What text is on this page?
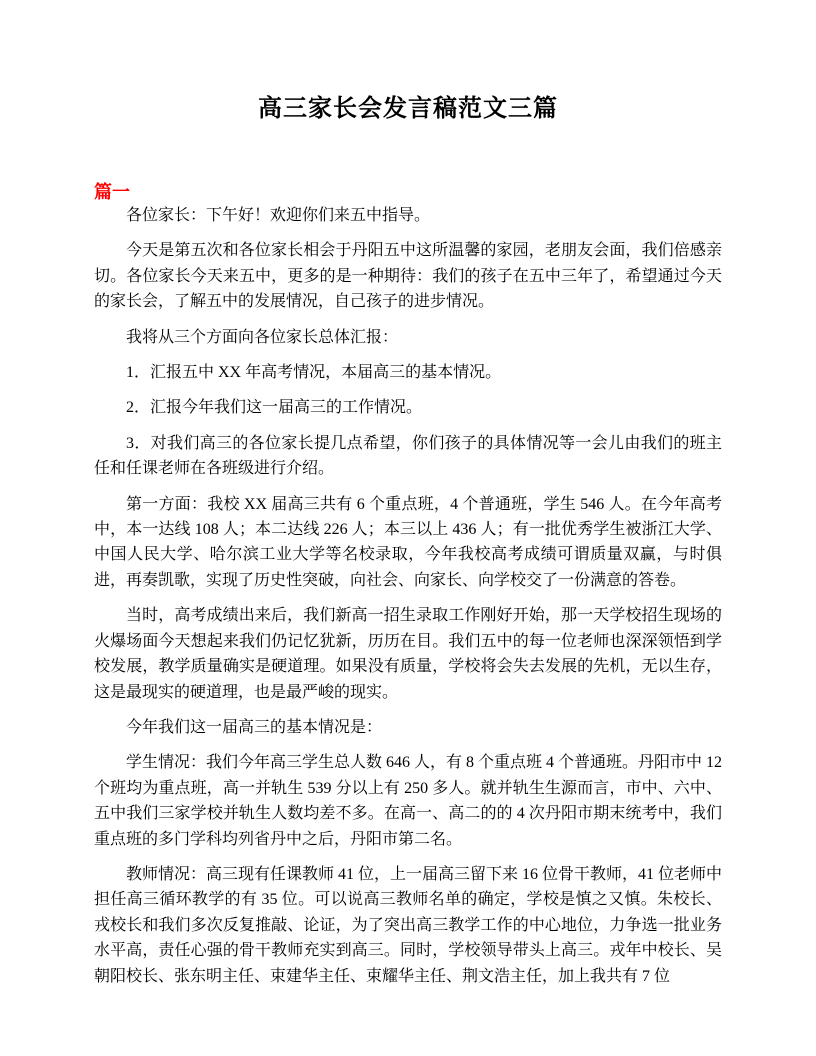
高三家长会发言稿范文三篇
篇一

各位家长：下午好！欢迎你们来五中指导。

今天是第五次和各位家长相会于丹阳五中这所温馨的家园，老朋友会面，我们倍感亲切。各位家长今天来五中，更多的是一种期待：我们的孩子在五中三年了，希望通过今天的家长会，了解五中的发展情况，自己孩子的进步情况。

我将从三个方面向各位家长总体汇报：

1．汇报五中 XX 年高考情况，本届高三的基本情况。

2．汇报今年我们这一届高三的工作情况。

3．对我们高三的各位家长提几点希望，你们孩子的具体情况等一会儿由我们的班主任和任课老师在各班级进行介绍。

第一方面：我校 XX 届高三共有 6 个重点班，4 个普通班，学生 546 人。在今年高考中，本一达线 108 人；本二达线 226 人；本三以上 436 人；有一批优秀学生被浙江大学、中国人民大学、哈尔滨工业大学等名校录取，今年我校高考成绩可谓质量双赢，与时俱进，再奏凯歌，实现了历史性突破，向社会、向家长、向学校交了一份满意的答卷。

当时，高考成绩出来后，我们新高一招生录取工作刚好开始，那一天学校招生现场的火爆场面今天想起来我们仍记忆犹新，历历在目。我们五中的每一位老师也深深领悟到学校发展，教学质量确实是硬道理。如果没有质量，学校将会失去发展的先机，无以生存，这是最现实的硬道理，也是最严峻的现实。

今年我们这一届高三的基本情况是：

学生情况：我们今年高三学生总人数 646 人，有 8 个重点班 4 个普通班。丹阳市中 12 个班均为重点班，高一并轨生 539 分以上有 250 多人。就并轨生生源而言，市中、六中、五中我们三家学校并轨生人数均差不多。在高一、高二的的 4 次丹阳市期末统考中，我们重点班的多门学科均列省丹中之后，丹阳市第二名。

教师情况：高三现有任课教师 41 位，上一届高三留下来 16 位骨干教师，41 位老师中担任高三循环教学的有 35 位。可以说高三教师名单的确定，学校是慎之又慎。朱校长、戎校长和我们多次反复推敲、论证，为了突出高三教学工作的中心地位，力争选一批业务水平高，责任心强的骨干教师充实到高三。同时，学校领导带头上高三。戎年中校长、吴朝阳校长、张东明主任、束建华主任、束耀华主任、荆文浩主任，加上我共有 7 位
